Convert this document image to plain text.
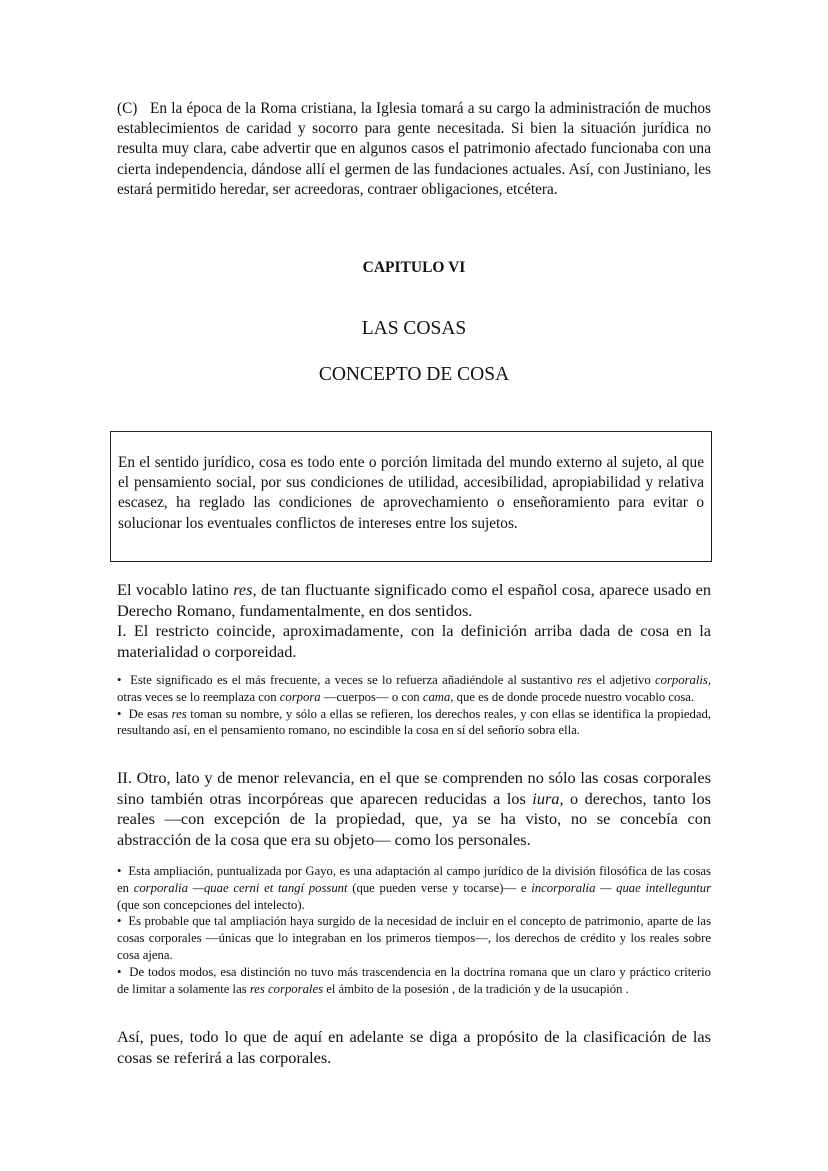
(C) En la época de la Roma cristiana, la Iglesia tomará a su cargo la administración de muchos establecimientos de caridad y socorro para gente necesitada. Si bien la situación jurídica no resulta muy clara, cabe advertir que en algunos casos el patrimonio afectado funcionaba con una cierta independencia, dándose allí el germen de las fundaciones actuales. Así, con Justiniano, les estará permitido heredar, ser acreedoras, contraer obligaciones, etcétera.

CAPITULO VI
LAS COSAS
CONCEPTO DE COSA

En el sentido jurídico, cosa es todo ente o porción limitada del mundo externo al sujeto, al que el pensamiento social, por sus condiciones de utilidad, accesibilidad, apropiabilidad y relativa escasez, ha reglado las condiciones de aprovechamiento o enseñoramiento para evitar o solucionar los eventuales conflictos de intereses entre los sujetos.

El vocablo latino res, de tan fluctuante significado como el español cosa, aparece usado en Derecho Romano, fundamentalmente, en dos sentidos.
I. El restricto coincide, aproximadamente, con la definición arriba dada de cosa en la materialidad o corporeidad.

• Este significado es el más frecuente, a veces se lo refuerza añadiéndole al sustantivo res el adjetivo corporalis, otras veces se lo reemplaza con corpora —cuerpos— o con cama, que es de donde procede nuestro vocablo cosa.
• De esas res toman su nombre, y sólo a ellas se refieren, los derechos reales, y con ellas se identifica la propiedad, resultando así, en el pensamiento romano, no escindible la cosa en sí del señorío sobra ella.

II. Otro, lato y de menor relevancia, en el que se comprenden no sólo las cosas corporales sino también otras incorpóreas que aparecen reducidas a los iura, o derechos, tanto los reales —con excepción de la propiedad, que, ya se ha visto, no se concebía con abstracción de la cosa que era su objeto— como los personales.

• Esta ampliación, puntualizada por Gayo, es una adaptación al campo jurídico de la división filosófica de las cosas en corporalia —quae cerni et tangí possunt (que pueden verse y tocarse)— e incorporalia — quae intelleguntur (que son concepciones del intelecto).
• Es probable que tal ampliación haya surgido de la necesidad de incluir en el concepto de patrimonio, aparte de las cosas corporales —únicas que lo integraban en los primeros tiempos—, los derechos de crédito y los reales sobre cosa ajena.
• De todos modos, esa distinción no tuvo más trascendencia en la doctrina romana que un claro y práctico criterio de limitar a solamente las res corporales el ámbito de la posesión , de la tradición y de la usucapión .

Así, pues, todo lo que de aquí en adelante se diga a propósito de la clasificación de las cosas se referirá a las corporales.
